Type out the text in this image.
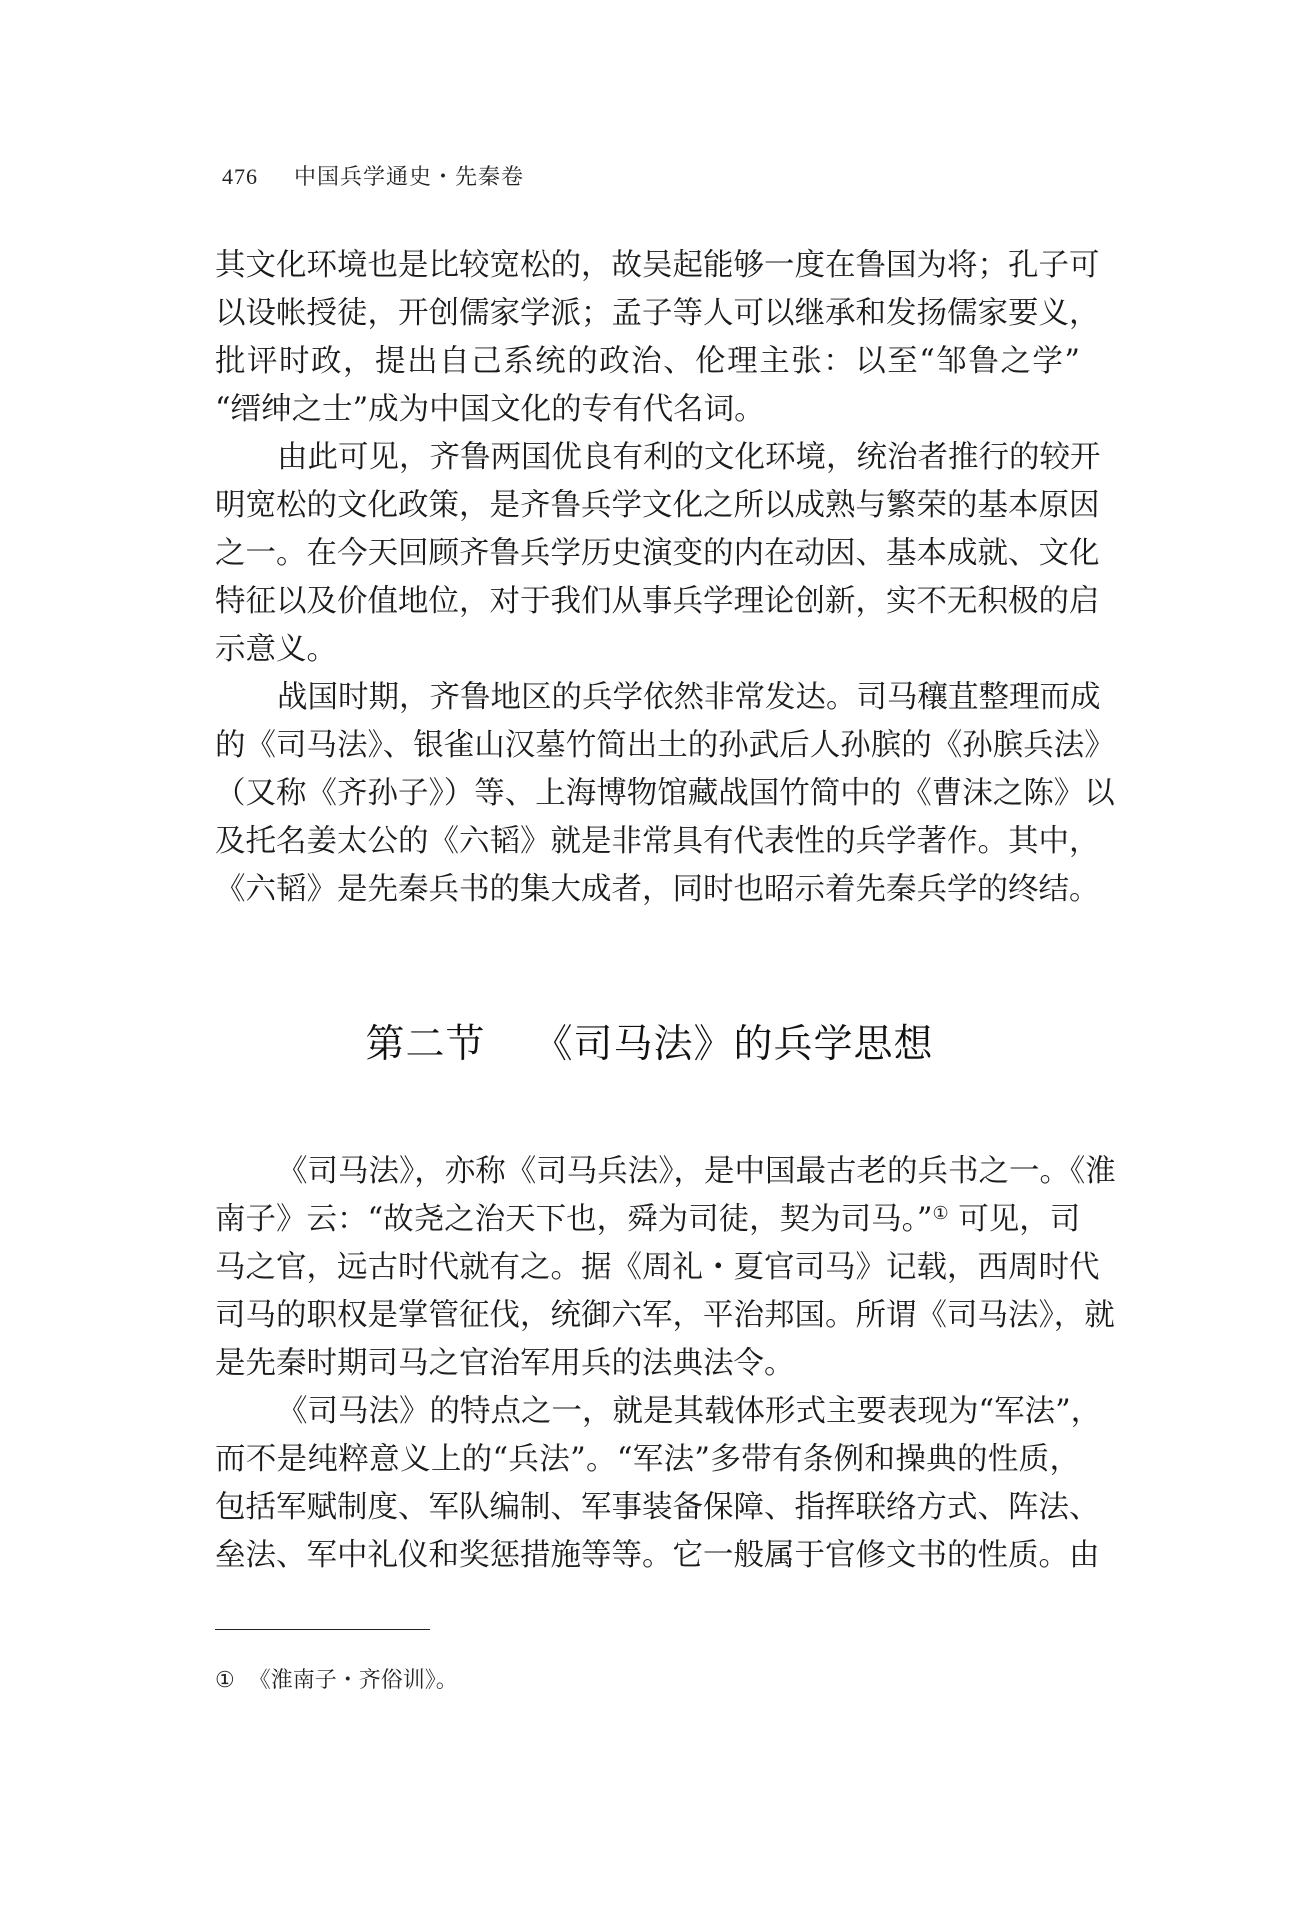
476 中国兵学通史・先秦卷
其文化环境也是比较宽松的，故吴起能够一度在鲁国为将；孔子可
以设帐授徒，开创儒家学派；孟子等人可以继承和发扬儒家要义，
批评时政，提出自己系统的政治、伦理主张：以至“邹鲁之学”
“缙绅之士”成为中国文化的专有代名词。
由此可见，齐鲁两国优良有利的文化环境，统治者推行的较开
明宽松的文化政策，是齐鲁兵学文化之所以成熟与繁荣的基本原因
之一。在今天回顾齐鲁兵学历史演变的内在动因、基本成就、文化
特征以及价值地位，对于我们从事兵学理论创新，实不无积极的启
示意义。
战国时期，齐鲁地区的兵学依然非常发达。司马穰苴整理而成
的《司马法》、银雀山汉墓竹简出土的孙武后人孙膑的《孙膑兵法》
（又称《齐孙子》）等、上海博物馆藏战国竹简中的《曹沫之陈》以
及托名姜太公的《六韬》就是非常具有代表性的兵学著作。其中，
《六韬》是先秦兵书的集大成者，同时也昭示着先秦兵学的终结。
第二节 《司马法》的兵学思想
《司马法》，亦称《司马兵法》，是中国最古老的兵书之一。《淮
南子》云：“故尧之治天下也，舜为司徒，契为司马。”① 可见，司
马之官，远古时代就有之。据《周礼・夏官司马》记载，西周时代
司马的职权是掌管征伐，统御六军，平治邦国。所谓《司马法》，就
是先秦时期司马之官治军用兵的法典法令。
《司马法》的特点之一，就是其载体形式主要表现为“军法”，
而不是纯粹意义上的“兵法”。“军法”多带有条例和操典的性质，
包括军赋制度、军队编制、军事装备保障、指挥联络方式、阵法、
垒法、军中礼仪和奖惩措施等等。它一般属于官修文书的性质。由
① 《淮南子・齐俗训》。
